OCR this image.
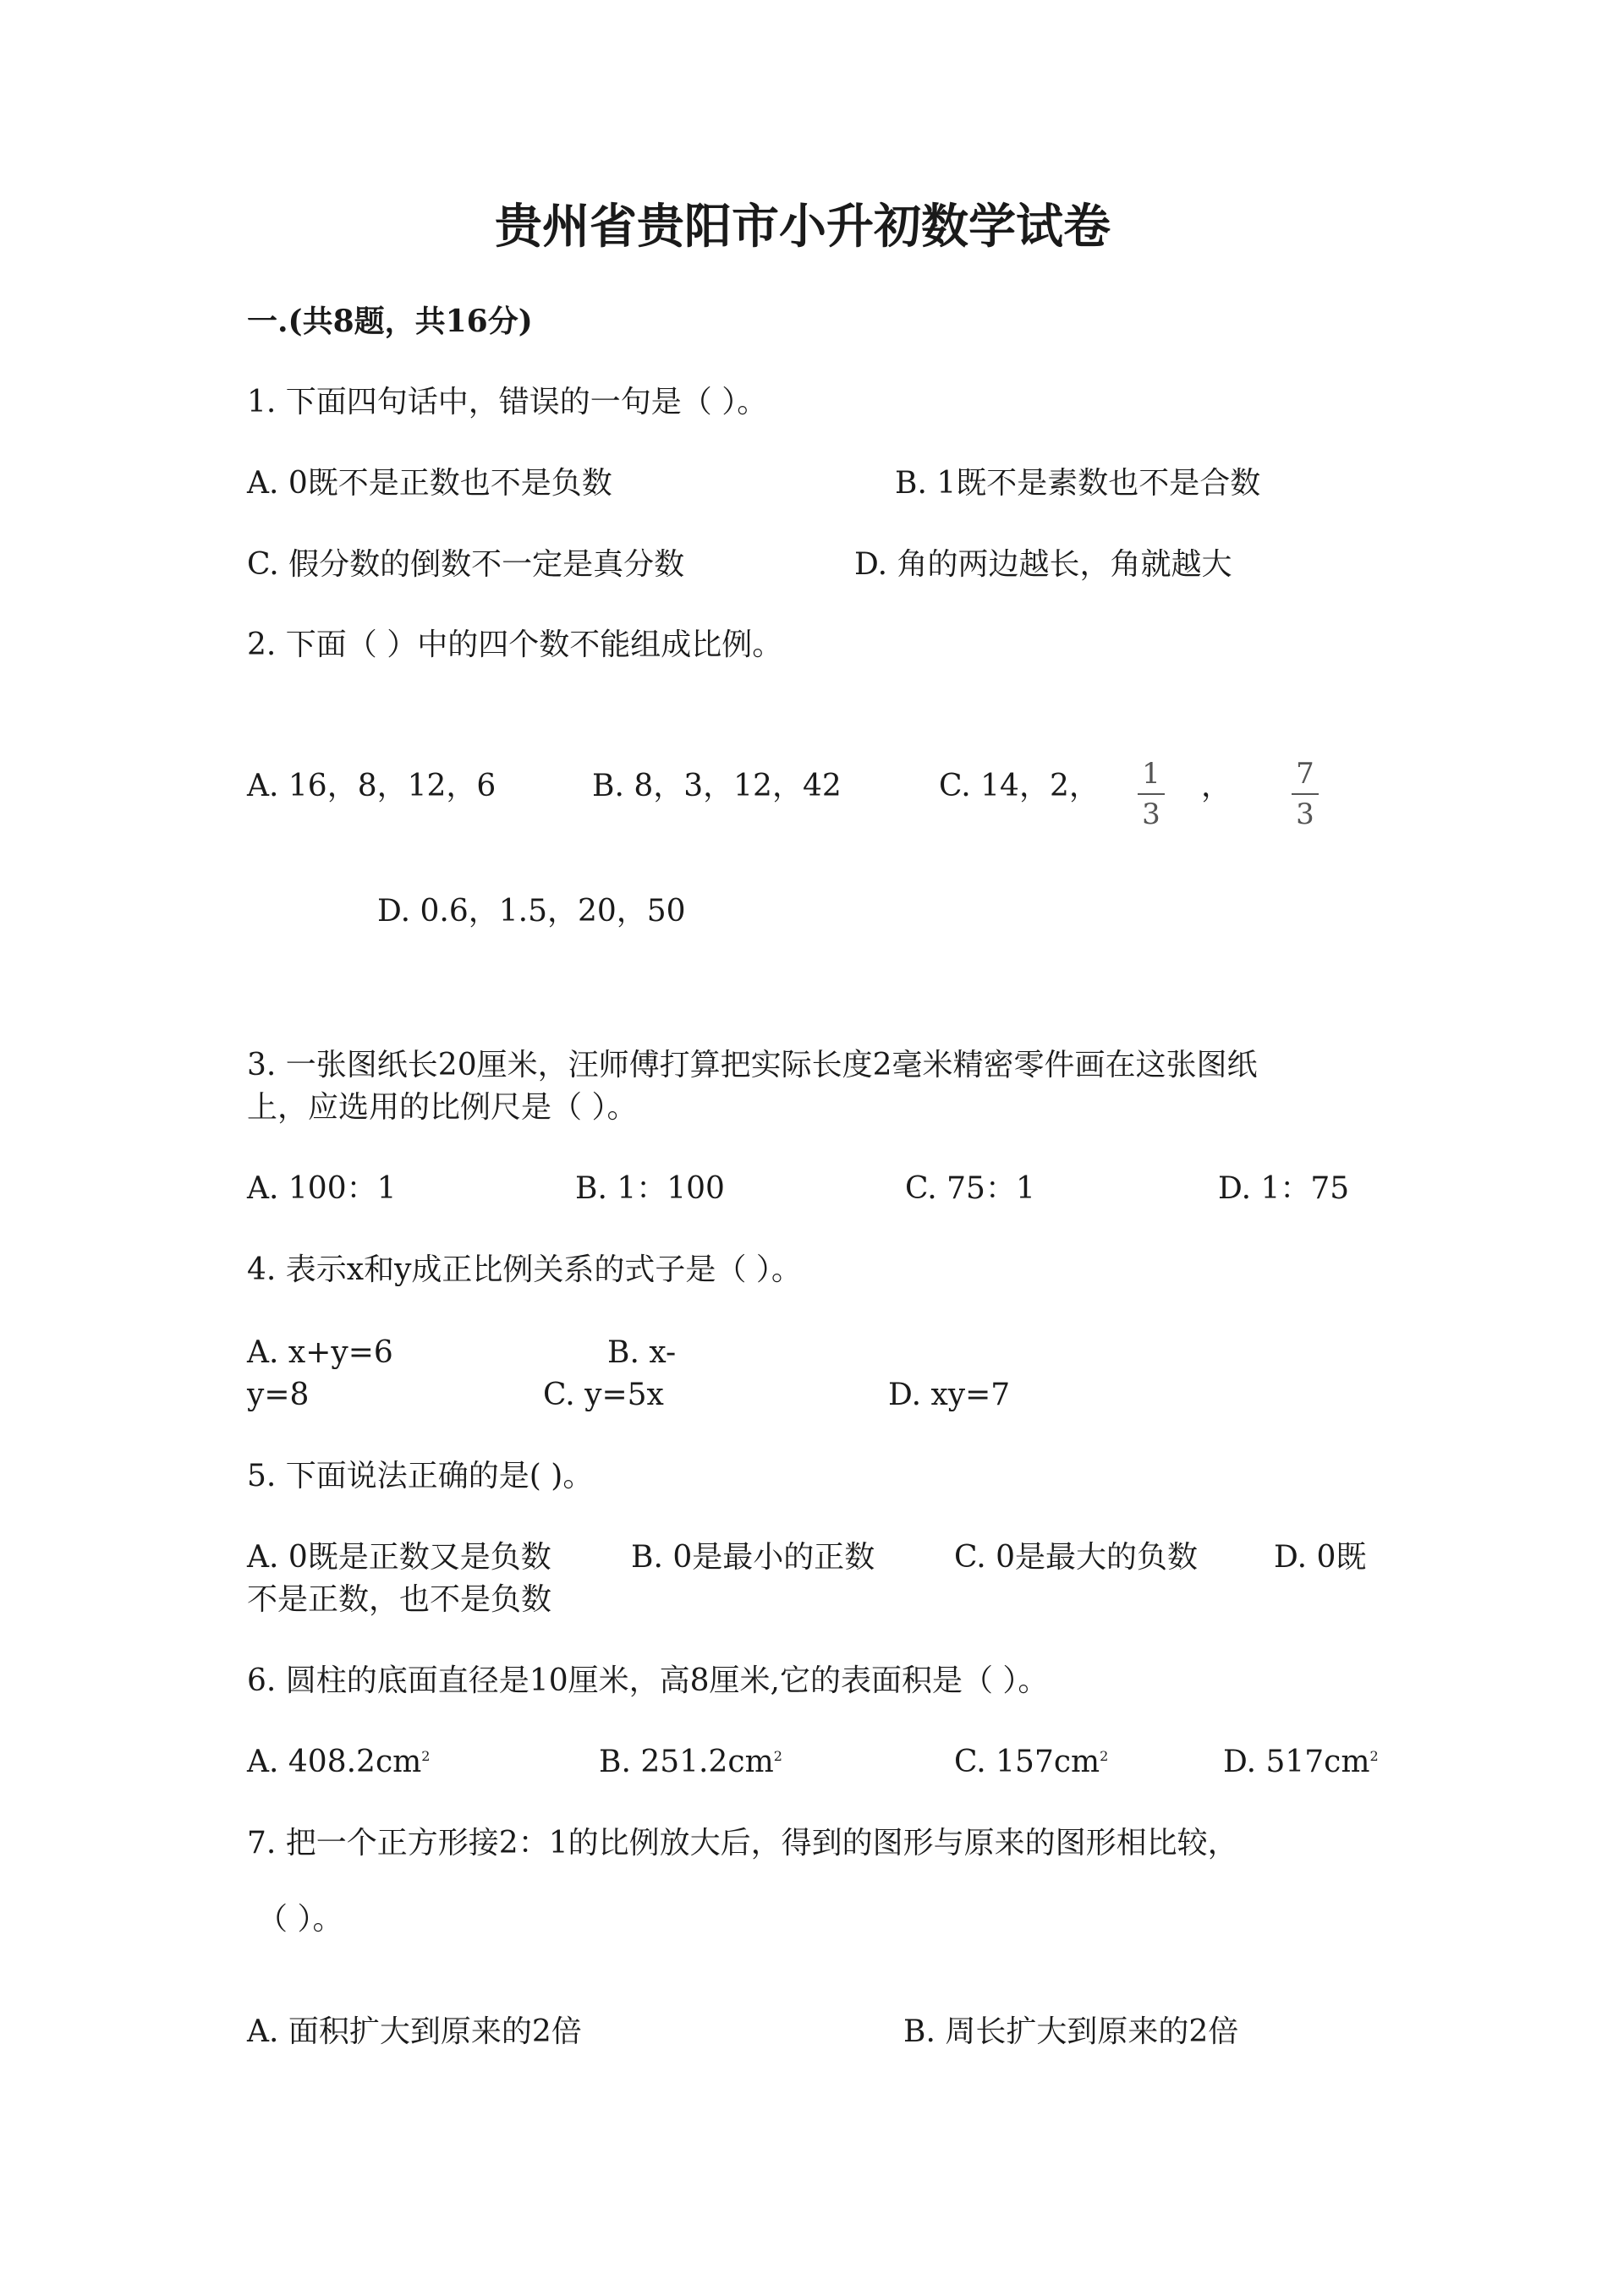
贵州省贵阳市小升初数学试卷
一.(共8题，共16分)
1. 下面四句话中，错误的一句是（ ）。
A. 0既不是正数也不是负数	B. 1既不是素数也不是合数
C. 假分数的倒数不一定是真分数	D. 角的两边越长，角就越大
2. 下面（ ）中的四个数不能组成比例。
A. 16，8，12，6	B. 8，3，12，42	C. 14，2， 1
3
， 7
3
D. 0.6，1.5，20，50
3. 一张图纸长20厘米，汪师傅打算把实际长度2毫米精密零件画在这张图纸
上，应选用的比例尺是（ ）。
A. 100：1	B. 1：100	C. 75：1	D. 1：75
4. 表示x和y成正比例关系的式子是（ ）。
A. x+y=6	B. x-
y=8	C. y=5x	D. xy=7
5. 下面说法正确的是( )。
A. 0既是正数又是负数	B. 0是最小的正数	C. 0是最大的负数 D. 0既
不是正数，也不是负数
6. 圆柱的底面直径是10厘米，高8厘米,它的表面积是（ ）。
A. $408.2cm^2$	B. $251.2cm^2$	C. $157cm^2$	D. $517cm^2$
7. 把一个正方形接2：1的比例放大后，得到的图形与原来的图形相比较，
（ ）。
A. 面积扩大到原来的2倍	B. 周长扩大到原来的2倍
